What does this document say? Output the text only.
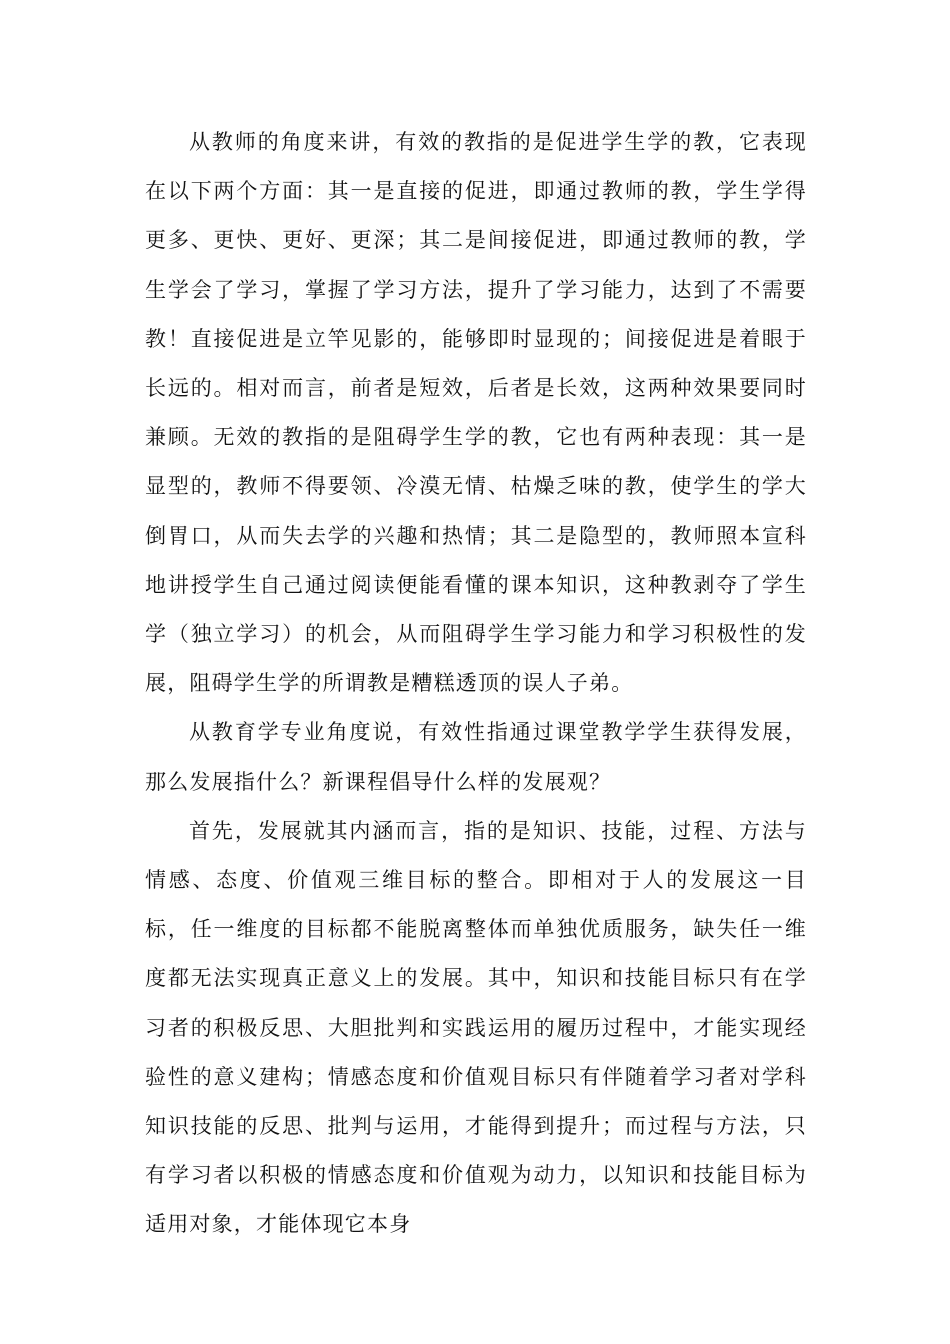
从教师的角度来讲，有效的教指的是促进学生学的教，它表现在以下两个方面：其一是直接的促进，即通过教师的教，学生学得更多、更快、更好、更深；其二是间接促进，即通过教师的教，学生学会了学习，掌握了学习方法，提升了学习能力，达到了不需要教！直接促进是立竿见影的，能够即时显现的；间接促进是着眼于长远的。相对而言，前者是短效，后者是长效，这两种效果要同时兼顾。无效的教指的是阻碍学生学的教，它也有两种表现：其一是显型的，教师不得要领、冷漠无情、枯燥乏味的教，使学生的学大倒胃口，从而失去学的兴趣和热情；其二是隐型的，教师照本宣科地讲授学生自己通过阅读便能看懂的课本知识，这种教剥夺了学生学（独立学习）的机会，从而阻碍学生学习能力和学习积极性的发展，阻碍学生学的所谓教是糟糕透顶的误人子弟。

从教育学专业角度说，有效性指通过课堂教学学生获得发展，那么发展指什么？新课程倡导什么样的发展观？

首先，发展就其内涵而言，指的是知识、技能，过程、方法与情感、态度、价值观三维目标的整合。即相对于人的发展这一目标，任一维度的目标都不能脱离整体而单独优质服务，缺失任一维度都无法实现真正意义上的发展。其中，知识和技能目标只有在学习者的积极反思、大胆批判和实践运用的履历过程中，才能实现经验性的意义建构；情感态度和价值观目标只有伴随着学习者对学科知识技能的反思、批判与运用，才能得到提升；而过程与方法，只有学习者以积极的情感态度和价值观为动力，以知识和技能目标为适用对象，才能体现它本身
